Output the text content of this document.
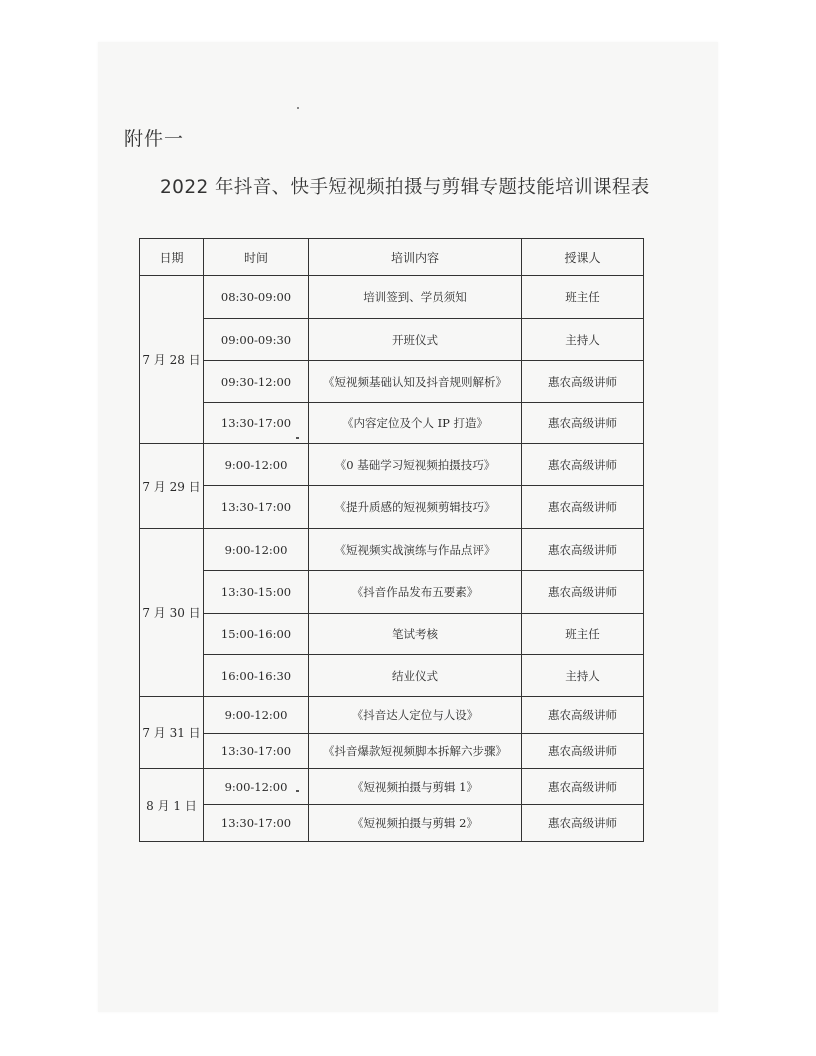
附件一
2022 年抖音、快手短视频拍摄与剪辑专题技能培训课程表
日期	时间	培训内容	授课人
7 月 28 日	08:30-09:00	培训签到、学员须知	班主任
	09:00-09:30	开班仪式	主持人
	09:30-12:00	《短视频基础认知及抖音规则解析》	惠农高级讲师
	13:30-17:00	《内容定位及个人 IP 打造》	惠农高级讲师
7 月 29 日	9:00-12:00	《0 基础学习短视频拍摄技巧》	惠农高级讲师
	13:30-17:00	《提升质感的短视频剪辑技巧》	惠农高级讲师
7 月 30 日	9:00-12:00	《短视频实战演练与作品点评》	惠农高级讲师
	13:30-15:00	《抖音作品发布五要素》	惠农高级讲师
	15:00-16:00	笔试考核	班主任
	16:00-16:30	结业仪式	主持人
7 月 31 日	9:00-12:00	《抖音达人定位与人设》	惠农高级讲师
	13:30-17:00	《抖音爆款短视频脚本拆解六步骤》	惠农高级讲师
8 月 1 日	9:00-12:00	《短视频拍摄与剪辑 1》	惠农高级讲师
	13:30-17:00	《短视频拍摄与剪辑 2》	惠农高级讲师
